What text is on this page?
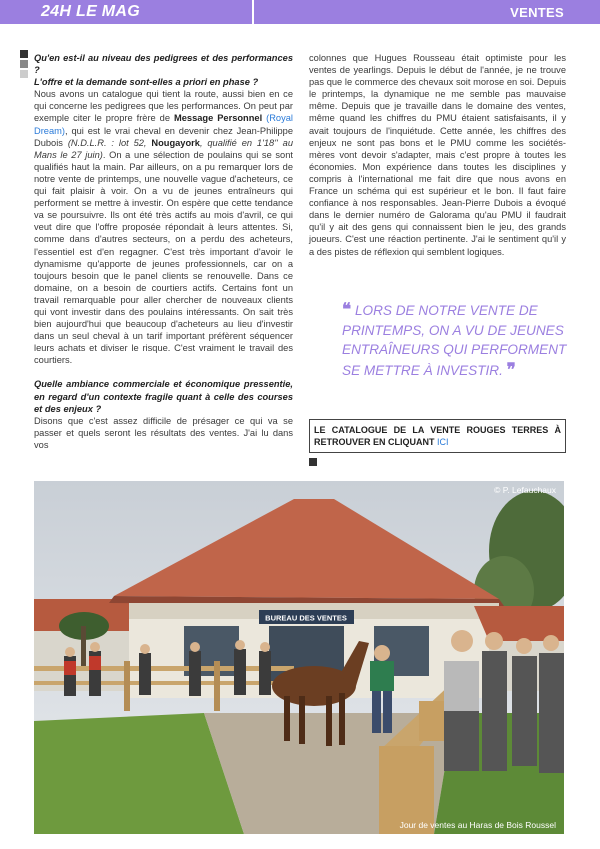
24H LE MAG	VENTES

Qu'en est-il au niveau des pedigrees et des performances ?
L'offre et la demande sont-elles a priori en phase ?

Nous avons un catalogue qui tient la route, aussi bien en ce qui concerne les pedigrees que les performances. On peut par exemple citer le propre frère de Message Personnel (Royal Dream), qui est le vrai cheval en devenir chez Jean-Philippe Dubois (N.D.L.R. : lot 52, Nougayork, qualifié en 1'18'' au Mans le 27 juin). On a une sélection de poulains qui se sont qualifiés haut la main. Par ailleurs, on a pu remarquer lors de notre vente de printemps, une nouvelle vague d'acheteurs, ce qui fait plaisir à voir. On a vu de jeunes entraîneurs qui performent se mettre à investir. On espère que cette tendance va se poursuivre. Ils ont été très actifs au mois d'avril, ce qui veut dire que l'offre proposée répondait à leurs attentes. Si, comme dans d'autres secteurs, on a perdu des acheteurs, l'essentiel est d'en regagner. C'est très important d'avoir le dynamisme qu'apporte de jeunes professionnels, car on a toujours besoin que le panel clients se renouvelle. Dans ce domaine, on a besoin de courtiers actifs. Certains font un travail remarquable pour aller chercher de nouveaux clients qui vont investir dans des poulains intéressants. On sait très bien aujourd'hui que beaucoup d'acheteurs au lieu d'investir dans un seul cheval à un tarif important préfèrent séquencer leurs achats et diviser le risque. C'est vraiment le travail des courtiers.

Quelle ambiance commerciale et économique pressentie, en regard d'un contexte fragile quant à celle des courses et des enjeux ?

Disons que c'est assez difficile de présager ce qui va se passer et quels seront les résultats des ventes. J'ai lu dans vos

colonnes que Hugues Rousseau était optimiste pour les ventes de yearlings. Depuis le début de l'année, je ne trouve pas que le commerce des chevaux soit morose en soi. Depuis le printemps, la dynamique ne me semble pas mauvaise même. Depuis que je travaille dans le domaine des ventes, même quand les chiffres du PMU étaient satisfaisants, il y avait toujours de l'inquiétude. Cette année, les chiffres des enjeux ne sont pas bons et le PMU comme les sociétés-mères vont devoir s'adapter, mais c'est propre à toutes les économies. Mon expérience dans toutes les disciplines y compris à l'international me fait dire que nous avons en France un schéma qui est supérieur et le bon. Il faut faire confiance à nos responsables. Jean-Pierre Dubois a évoqué dans le dernier numéro de Galorama qu'au PMU il faudrait qu'il y ait des gens qui connaissent bien le jeu, des grands joueurs. C'est une réaction pertinente. J'ai le sentiment qu'il y a des pistes de réflexion qui semblent logiques.

❝ LORS DE NOTRE VENTE DE PRINTEMPS, ON A VU DE JEUNES ENTRAÎNEURS QUI PERFORMENT SE METTRE À INVESTIR. ❞
LE CATALOGUE DE LA VENTE ROUGES TERRES À RETROUVER EN CLIQUANT ICI
BUREAU DES VENTES
© P. Lefauchaux
Jour de ventes au Haras de Bois Roussel
